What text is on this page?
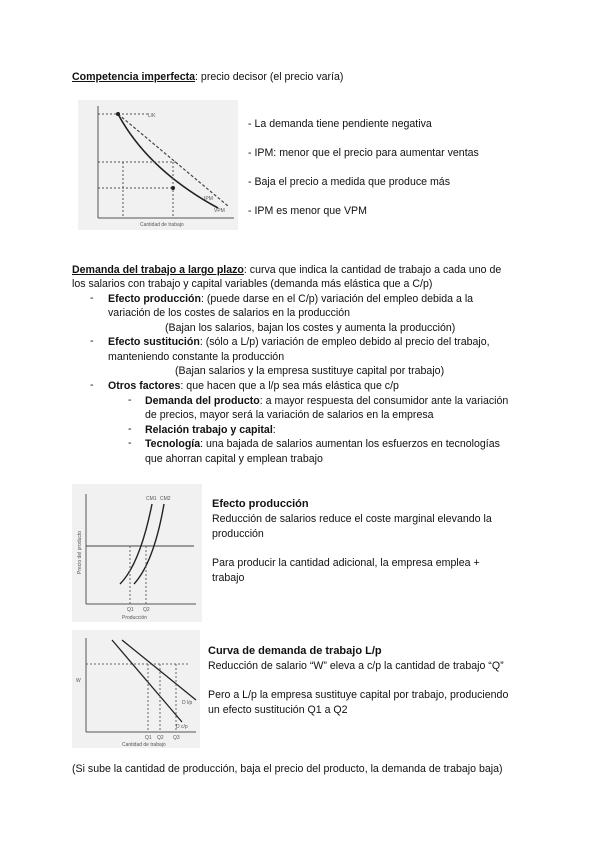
Competencia imperfecta: precio decisor (el precio varía)
L/K
VPM
IPM
Cantidad de trabajo
- La demanda tiene pendiente negativa
- IPM: menor que el precio para aumentar ventas
- Baja el precio a medida que produce más
- IPM es menor que VPM
Demanda del trabajo a largo plazo: curva que indica la cantidad de trabajo a cada uno de
los salarios con trabajo y capital variables (demanda más elástica que a C/p)
- Efecto producción: (puede darse en el C/p) variación del empleo debida a la
variación de los costes de salarios en la producción
(Bajan los salarios, bajan los costes y aumenta la producción)
- Efecto sustitución: (sólo a L/p) variación de empleo debido al precio del trabajo,
manteniendo constante la producción
(Bajan salarios y la empresa sustituye capital por trabajo)
- Otros factores: que hacen que a l/p sea más elástica que c/p
- Demanda del producto: a mayor respuesta del consumidor ante la variación
de precios, mayor será la variación de salarios en la empresa
- Relación trabajo y capital:
- Tecnología: una bajada de salarios aumentan los esfuerzos en tecnologías
que ahorran capital y emplean trabajo
CM1 CM2
Q1 Q2
Producción
Precio del producto
Efecto producción
Reducción de salarios reduce el coste marginal elevando la
producción
Para producir la cantidad adicional, la empresa emplea +
trabajo
W
D c/p
D l/p
Q1 Q2 Q3
Cantidad de trabajo
Curva de demanda de trabajo L/p
Reducción de salario “W” eleva a c/p la cantidad de trabajo “Q”
Pero a L/p la empresa sustituye capital por trabajo, produciendo
un efecto sustitución Q1 a Q2
(Si sube la cantidad de producción, baja el precio del producto, la demanda de trabajo baja)
